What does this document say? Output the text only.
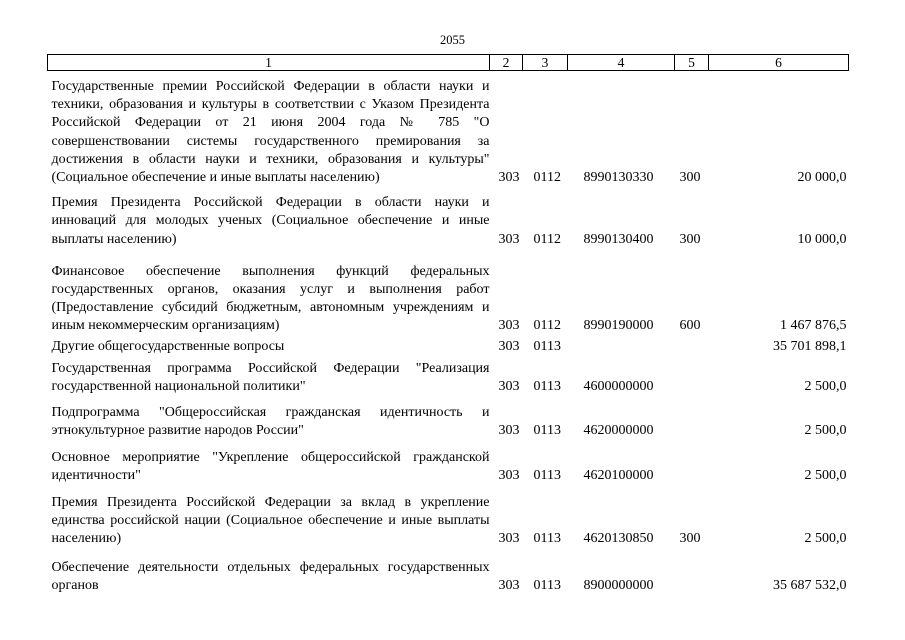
2055
1	2	3	4	5	6

Государственные премии Российской Федерации в области науки и техники, образования и культуры в соответствии с Указом Президента Российской Федерации от 21 июня 2004 года № 785 "О совершенствовании системы государственного премирования за достижения в области науки и техники, образования и культуры" (Социальное обеспечение и иные выплаты населению)	303	0112	8990130330	300	20 000,0

Премия Президента Российской Федерации в области науки и инноваций для молодых ученых (Социальное обеспечение и иные выплаты населению)	303	0112	8990130400	300	10 000,0

Финансовое обеспечение выполнения функций федеральных государственных органов, оказания услуг и выполнения работ (Предоставление субсидий бюджетным, автономным учреждениям и иным некоммерческим организациям)	303	0112	8990190000	600	1 467 876,5

Другие общегосударственные вопросы	303	0113			35 701 898,1

Государственная программа Российской Федерации "Реализация государственной национальной политики"	303	0113	4600000000		2 500,0

Подпрограмма "Общероссийская гражданская идентичность и этнокультурное развитие народов России"	303	0113	4620000000		2 500,0

Основное мероприятие "Укрепление общероссийской гражданской идентичности"	303	0113	4620100000		2 500,0

Премия Президента Российской Федерации за вклад в укрепление единства российской нации (Социальное обеспечение и иные выплаты населению)	303	0113	4620130850	300	2 500,0

Обеспечение деятельности отдельных федеральных государственных органов	303	0113	8900000000		35 687 532,0
